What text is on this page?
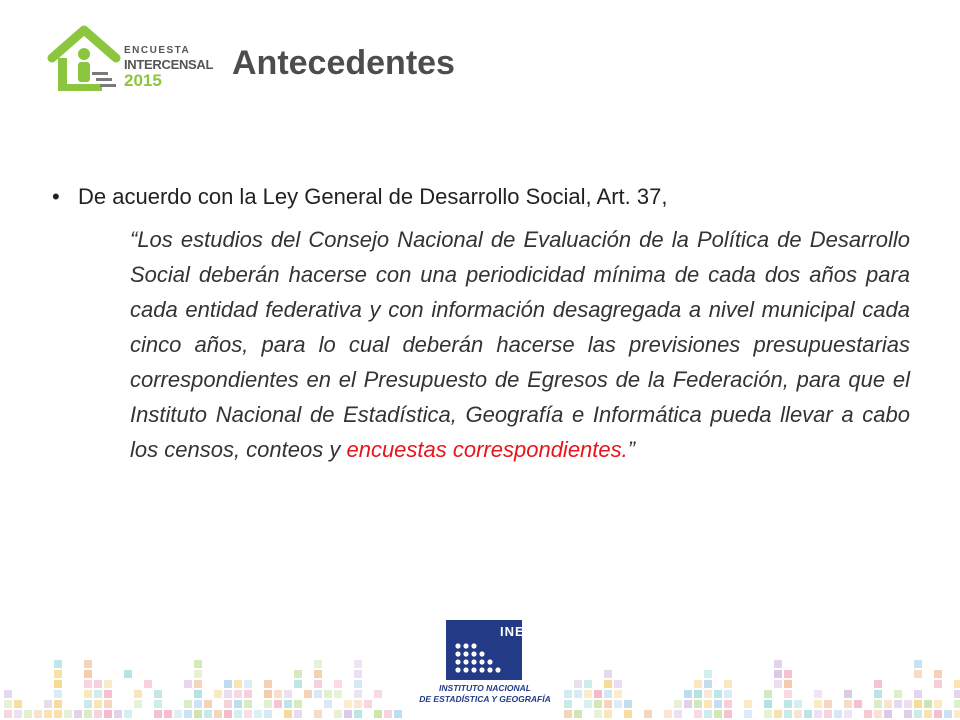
ENCUESTA
INTERCENSAL
2015	Antecedentes

• De acuerdo con la Ley General de Desarrollo Social, Art. 37,

“Los estudios del Consejo Nacional de Evaluación de la Política de Desarrollo Social deberán hacerse con una periodicidad mínima de cada dos años para cada entidad federativa y con información desagregada a nivel municipal cada cinco años, para lo cual deberán hacerse las previsiones presupuestarias correspondientes en el Presupuesto de Egresos de la Federación, para que el Instituto Nacional de Estadística, Geografía e Informática pueda llevar a cabo los censos, conteos y encuestas correspondientes.”

INEGI
INSTITUTO NACIONAL
DE ESTADÍSTICA Y GEOGRAFÍA
